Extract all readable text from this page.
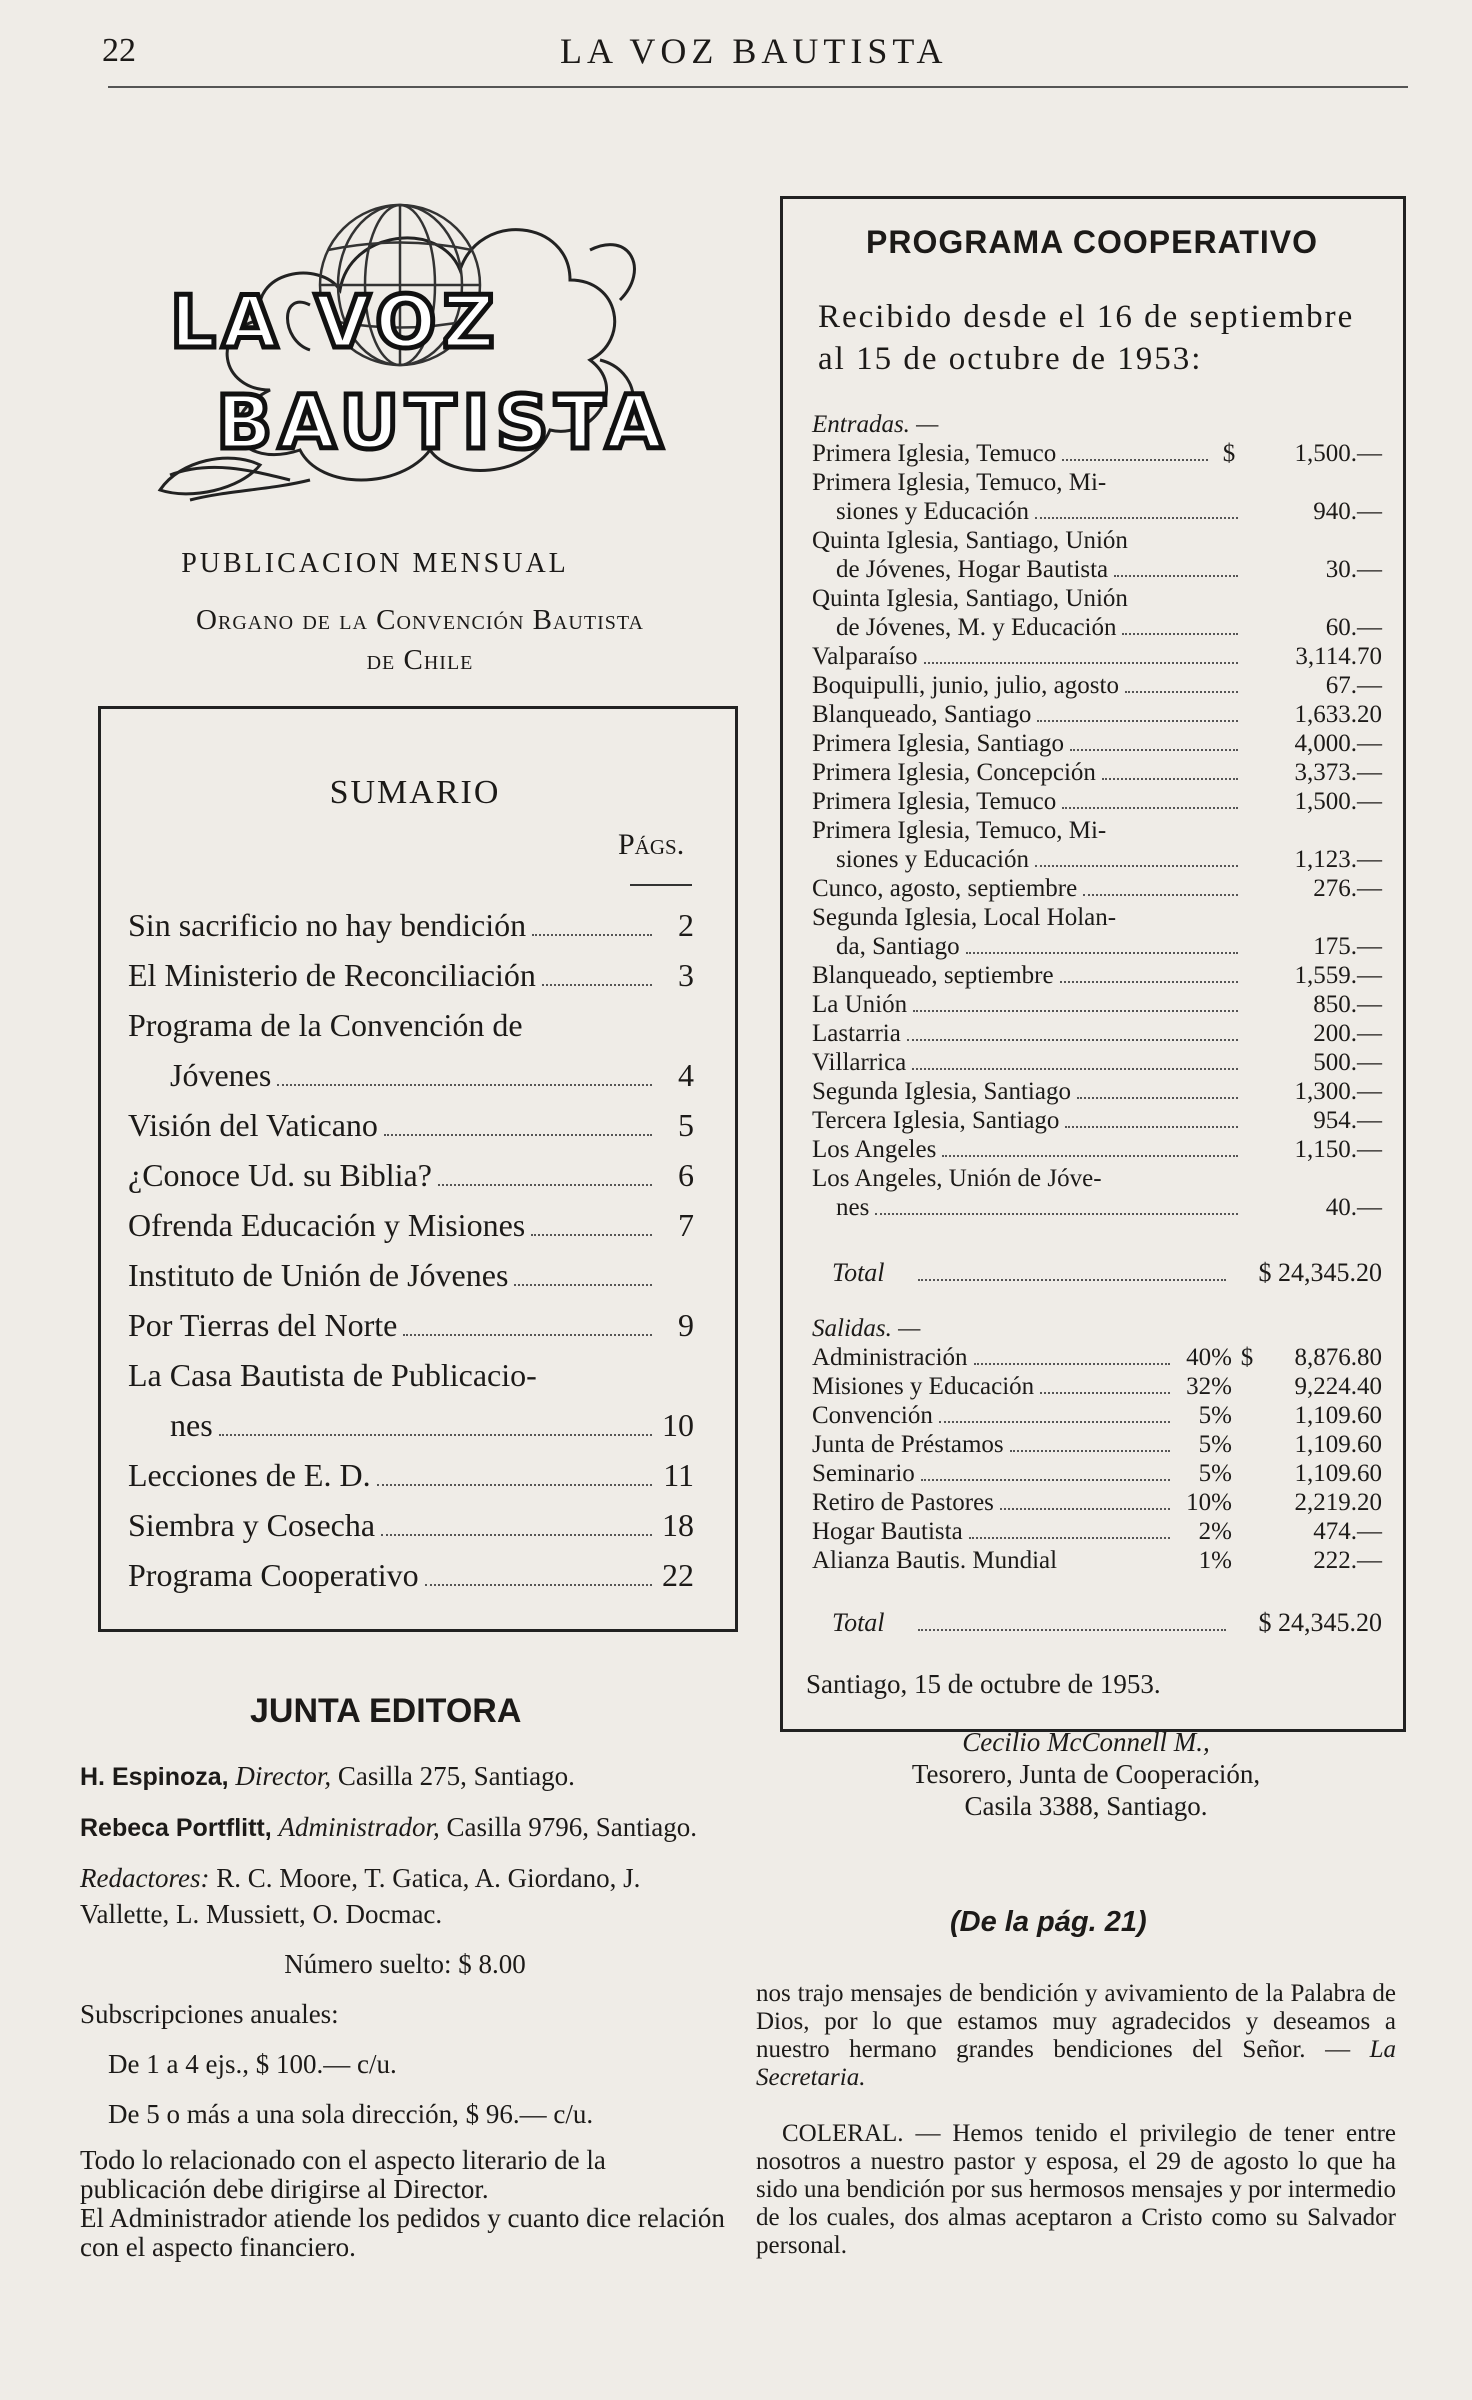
22	LA VOZ BAUTISTA
LA VOZ
BAUTISTA
PUBLICACION MENSUAL
Organo de la Convención Bautista
de Chile
SUMARIO
Págs.
Sin sacrificio no hay bendición	2
El Ministerio de Reconciliación	3
Programa de la Convención de
Jóvenes	4
Visión del Vaticano	5
¿Conoce Ud. su Biblia?	6
Ofrenda Educación y Misiones	7
Instituto de Unión de Jóvenes
Por Tierras del Norte	9
La Casa Bautista de Publicacio-
nes	10
Lecciones de E. D.	11
Siembra y Cosecha	18
Programa Cooperativo	22
JUNTA EDITORA

H. Espinoza, Director, Casilla 275, Santiago.

Rebeca Portflitt, Administrador, Casilla 9796, Santiago.

Redactores: R. C. Moore, T. Gatica, A. Giordano, J. Vallette, L. Mussiett, O. Docmac.

Número suelto: $ 8.00

Subscripciones anuales:

De 1 a 4 ejs., $ 100.— c/u.

De 5 o más a una sola dirección, $ 96.— c/u.

Todo lo relacionado con el aspecto literario de la publicación debe dirigirse al Director.

El Administrador atiende los pedidos y cuanto dice relación con el aspecto financiero.

PROGRAMA COOPERATIVO
Recibido desde el 16 de septiembre al 15 de octubre de 1953:
Entradas. —
Primera Iglesia, Temuco	$	1,500.—
Primera Iglesia, Temuco, Mi-
siones y Educación	940.—
Quinta Iglesia, Santiago, Unión
de Jóvenes, Hogar Bautista	30.—
Quinta Iglesia, Santiago, Unión
de Jóvenes, M. y Educación	60.—
Valparaíso	3,114.70
Boquipulli, junio, julio, agosto	67.—
Blanqueado, Santiago	1,633.20
Primera Iglesia, Santiago	4,000.—
Primera Iglesia, Concepción	3,373.—
Primera Iglesia, Temuco	1,500.—
Primera Iglesia, Temuco, Mi-
siones y Educación	1,123.—
Cunco, agosto, septiembre	276.—
Segunda Iglesia, Local Holan-
da, Santiago	175.—
Blanqueado, septiembre	1,559.—
La Unión	850.—
Lastarria	200.—
Villarrica	500.—
Segunda Iglesia, Santiago	1,300.—
Tercera Iglesia, Santiago	954.—
Los Angeles	1,150.—
Los Angeles, Unión de Jóve-
nes	40.—
Total	$ 24,345.20
Salidas. —
Administración	40% $	8,876.80
Misiones y Educación	32%	9,224.40
Convención	5%	1,109.60
Junta de Préstamos	5%	1,109.60
Seminario	5%	1,109.60
Retiro de Pastores	10%	2,219.20
Hogar Bautista	2%	474.—
Alianza Bautis. Mundial	1%	222.—
Total	$ 24,345.20
Santiago, 15 de octubre de 1953.
Cecilio McConnell M.,
Tesorero, Junta de Cooperación,
Casila 3388, Santiago.
(De la pág. 21)
nos trajo mensajes de bendición y avivamiento de la Palabra de Dios, por lo que estamos muy agradecidos y deseamos a nuestro hermano grandes bendiciones del Señor. — La Secretaria.
COLERAL. — Hemos tenido el privilegio de tener entre nosotros a nuestro pastor y esposa, el 29 de agosto lo que ha sido una bendición por sus hermosos mensajes y por intermedio de los cuales, dos almas aceptaron a Cristo como su Salvador personal.
